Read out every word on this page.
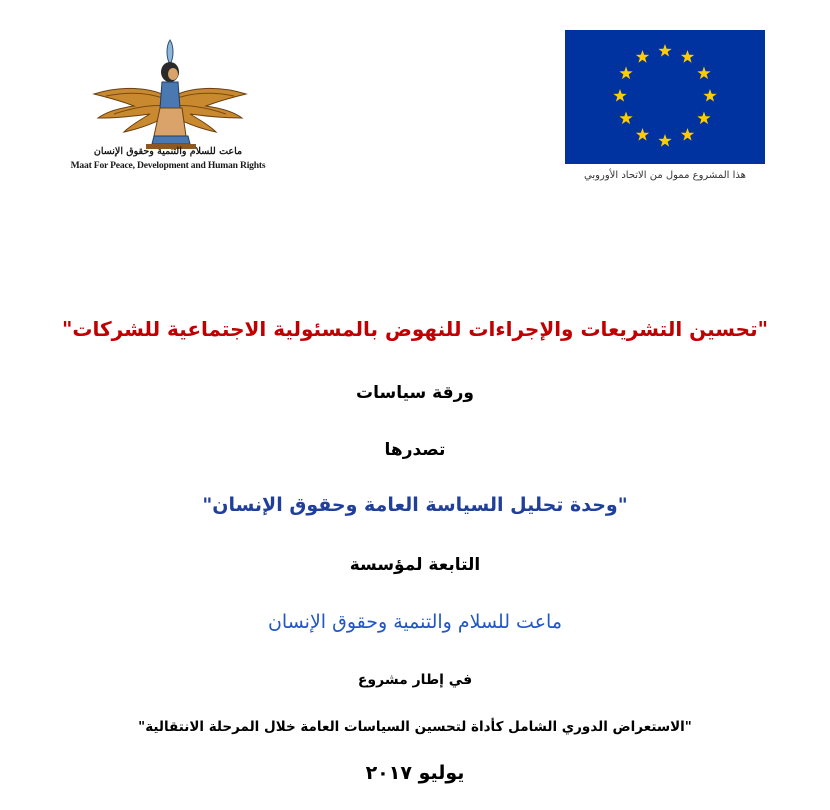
ماعت للسلام والتنمية وحقوق الإنسان
Maat For Peace, Development and Human Rights
هذا المشروع ممول من الاتحاد الأوروبي
"تحسين التشريعات والإجراءات للنهوض بالمسئولية الاجتماعية للشركات"
ورقة سياسات
تصدرها
"وحدة تحليل السياسة العامة وحقوق الإنسان"
التابعة لمؤسسة
ماعت للسلام والتنمية وحقوق الإنسان
في إطار مشروع
"الاستعراض الدوري الشامل كأداة لتحسين السياسات العامة خلال المرحلة الانتقالية"
يوليو ٢٠١٧
